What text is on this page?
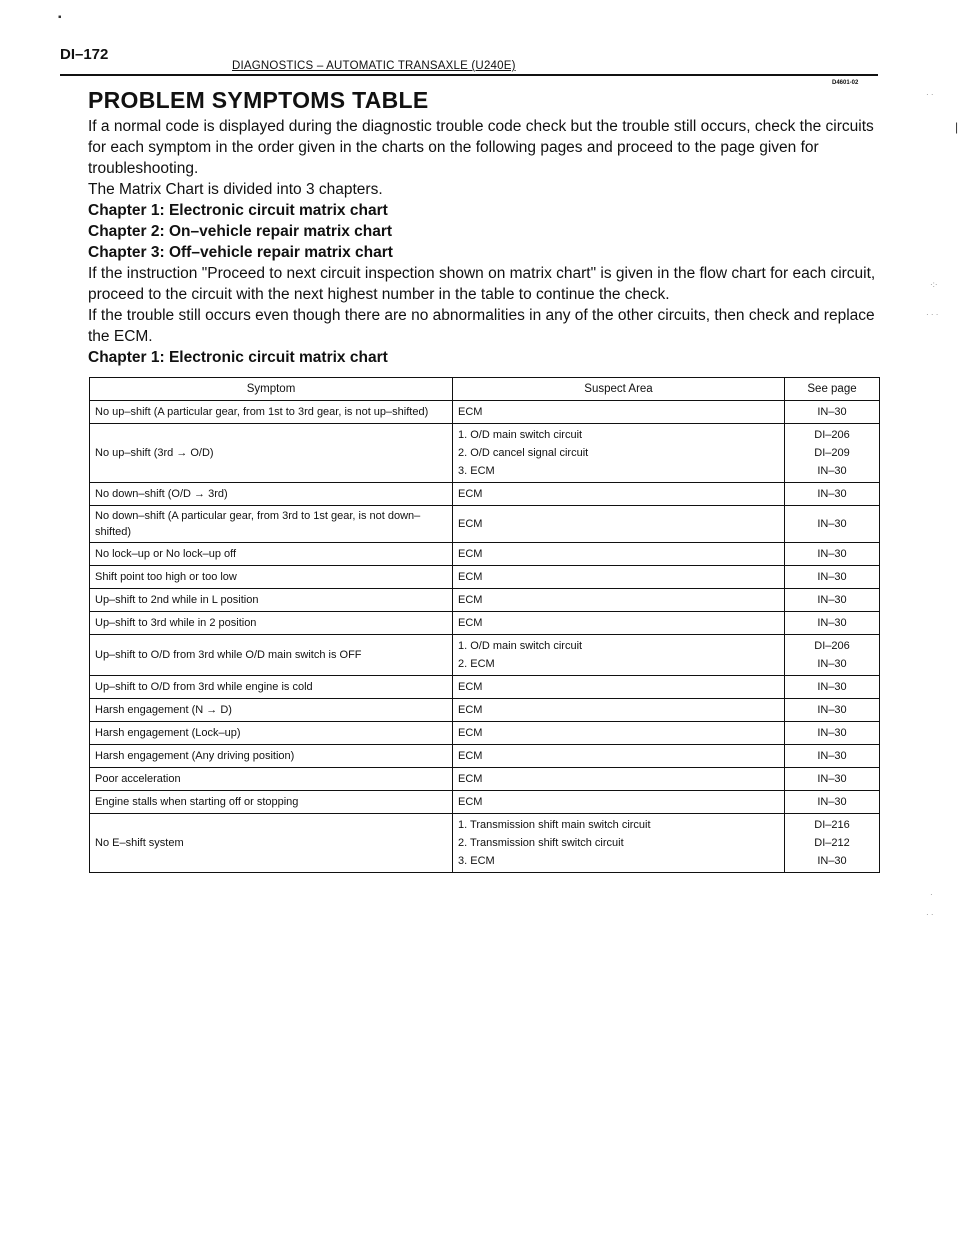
DI–172
DIAGNOSTICS – AUTOMATIC TRANSAXLE (U240E)
D4601-02
PROBLEM SYMPTOMS TABLE

If a normal code is displayed during the diagnostic trouble code check but the trouble still occurs, check the circuits for each symptom in the order given in the charts on the following pages and proceed to the page given for troubleshooting.

The Matrix Chart is divided into 3 chapters.

Chapter 1: Electronic circuit matrix chart

Chapter 2: On–vehicle repair matrix chart

Chapter 3: Off–vehicle repair matrix chart

If the instruction "Proceed to next circuit inspection shown on matrix chart" is given in the flow chart for each circuit, proceed to the circuit with the next highest number in the table to continue the check.

If the trouble still occurs even though there are no abnormalities in any of the other circuits, then check and replace the ECM.

Chapter 1: Electronic circuit matrix chart

Symptom	Suspect Area	See page
No up–shift (A particular gear, from 1st to 3rd gear, is not up–shifted)	ECM	IN–30

No up–shift (3rd → O/D)	1. O/D main switch circuit
2. O/D cancel signal circuit
3. ECM	DI–206
DI–209
IN–30

No down–shift (O/D → 3rd)	ECM	IN–30

No down–shift (A particular gear, from 3rd to 1st gear, is not down–shifted)	ECM	IN–30

No lock–up or No lock–up off	ECM	IN–30

Shift point too high or too low	ECM	IN–30

Up–shift to 2nd while in L position	ECM	IN–30

Up–shift to 3rd while in 2 position	ECM	IN–30

Up–shift to O/D from 3rd while O/D main switch is OFF	1. O/D main switch circuit
2. ECM	DI–206
IN–30

Up–shift to O/D from 3rd while engine is cold	ECM	IN–30

Harsh engagement (N → D)	ECM	IN–30

Harsh engagement (Lock–up)	ECM	IN–30

Harsh engagement (Any driving position)	ECM	IN–30

Poor acceleration	ECM	IN–30

Engine stalls when starting off or stopping	ECM	IN–30

No E–shift system	1. Transmission shift main switch circuit
2. Transmission shift switch circuit
3. ECM	DI–216
DI–212
IN–30
▪
· ·
|
·:·
· · ·
·
· ·
